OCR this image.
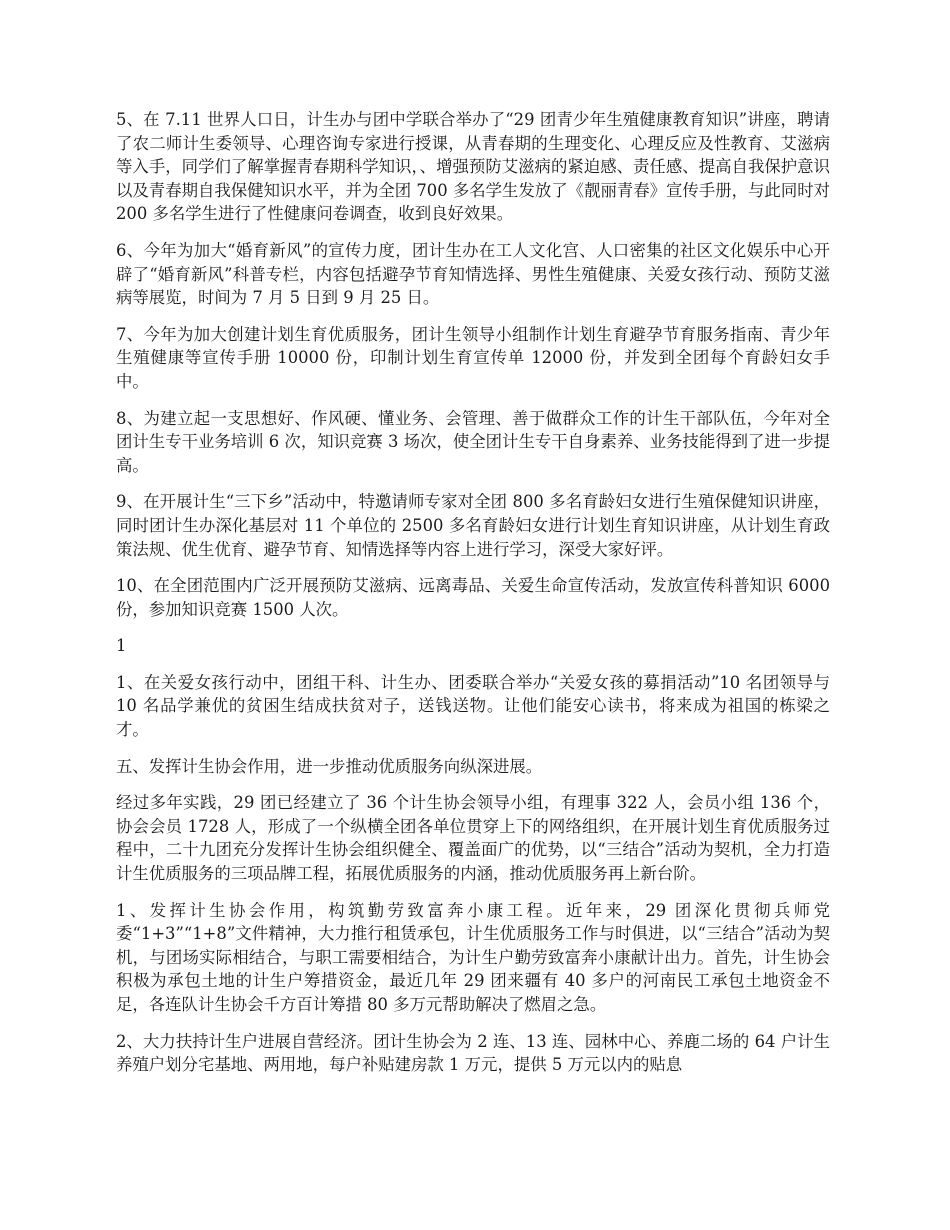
5、在 7.11 世界人口日，计生办与团中学联合举办了“29 团青少年生殖健康教育知识”讲座，聘请了农二师计生委领导、心理咨询专家进行授课，从青春期的生理变化、心理反应及性教育、艾滋病等入手，同学们了解掌握青春期科学知识，、增强预防艾滋病的紧迫感、责任感、提高自我保护意识以及青春期自我保健知识水平，并为全团 700 多名学生发放了《靓丽青春》宣传手册，与此同时对 200 多名学生进行了性健康问卷调查，收到良好效果。

6、今年为加大“婚育新风”的宣传力度，团计生办在工人文化宫、人口密集的社区文化娱乐中心开辟了“婚育新风”科普专栏，内容包括避孕节育知情选择、男性生殖健康、关爱女孩行动、预防艾滋病等展览，时间为 7 月 5 日到 9 月 25 日。

7、今年为加大创建计划生育优质服务，团计生领导小组制作计划生育避孕节育服务指南、青少年生殖健康等宣传手册 10000 份，印制计划生育宣传单 12000 份，并发到全团每个育龄妇女手中。

8、为建立起一支思想好、作风硬、懂业务、会管理、善于做群众工作的计生干部队伍，今年对全团计生专干业务培训 6 次，知识竞赛 3 场次，使全团计生专干自身素养、业务技能得到了进一步提高。

9、在开展计生“三下乡”活动中，特邀请师专家对全团 800 多名育龄妇女进行生殖保健知识讲座，同时团计生办深化基层对 11 个单位的 2500 多名育龄妇女进行计划生育知识讲座，从计划生育政策法规、优生优育、避孕节育、知情选择等内容上进行学习，深受大家好评。

10、在全团范围内广泛开展预防艾滋病、远离毒品、关爱生命宣传活动，发放宣传科普知识 6000 份，参加知识竞赛 1500 人次。

1

1、在关爱女孩行动中，团组干科、计生办、团委联合举办“关爱女孩的募捐活动”10 名团领导与 10 名品学兼优的贫困生结成扶贫对子，送钱送物。让他们能安心读书，将来成为祖国的栋梁之才。

五、发挥计生协会作用，进一步推动优质服务向纵深进展。

经过多年实践，29 团已经建立了 36 个计生协会领导小组，有理事 322 人，会员小组 136 个，协会会员 1728 人，形成了一个纵横全团各单位贯穿上下的网络组织，在开展计划生育优质服务过程中，二十九团充分发挥计生协会组织健全、覆盖面广的优势，以“三结合”活动为契机，全力打造计生优质服务的三项品牌工程，拓展优质服务的内涵，推动优质服务再上新台阶。

1、发挥计生协会作用，构筑勤劳致富奔小康工程。近年来，29 团深化贯彻兵师党委“1+3”“1+8”文件精神，大力推行租赁承包，计生优质服务工作与时俱进，以“三结合”活动为契机，与团场实际相结合，与职工需要相结合，为计生户勤劳致富奔小康献计出力。首先，计生协会积极为承包土地的计生户筹措资金，最近几年 29 团来疆有 40 多户的河南民工承包土地资金不足，各连队计生协会千方百计筹措 80 多万元帮助解决了燃眉之急。

2、大力扶持计生户进展自营经济。团计生协会为 2 连、13 连、园林中心、养鹿二场的 64 户计生养殖户划分宅基地、两用地，每户补贴建房款 1 万元，提供 5 万元以内的贴息
